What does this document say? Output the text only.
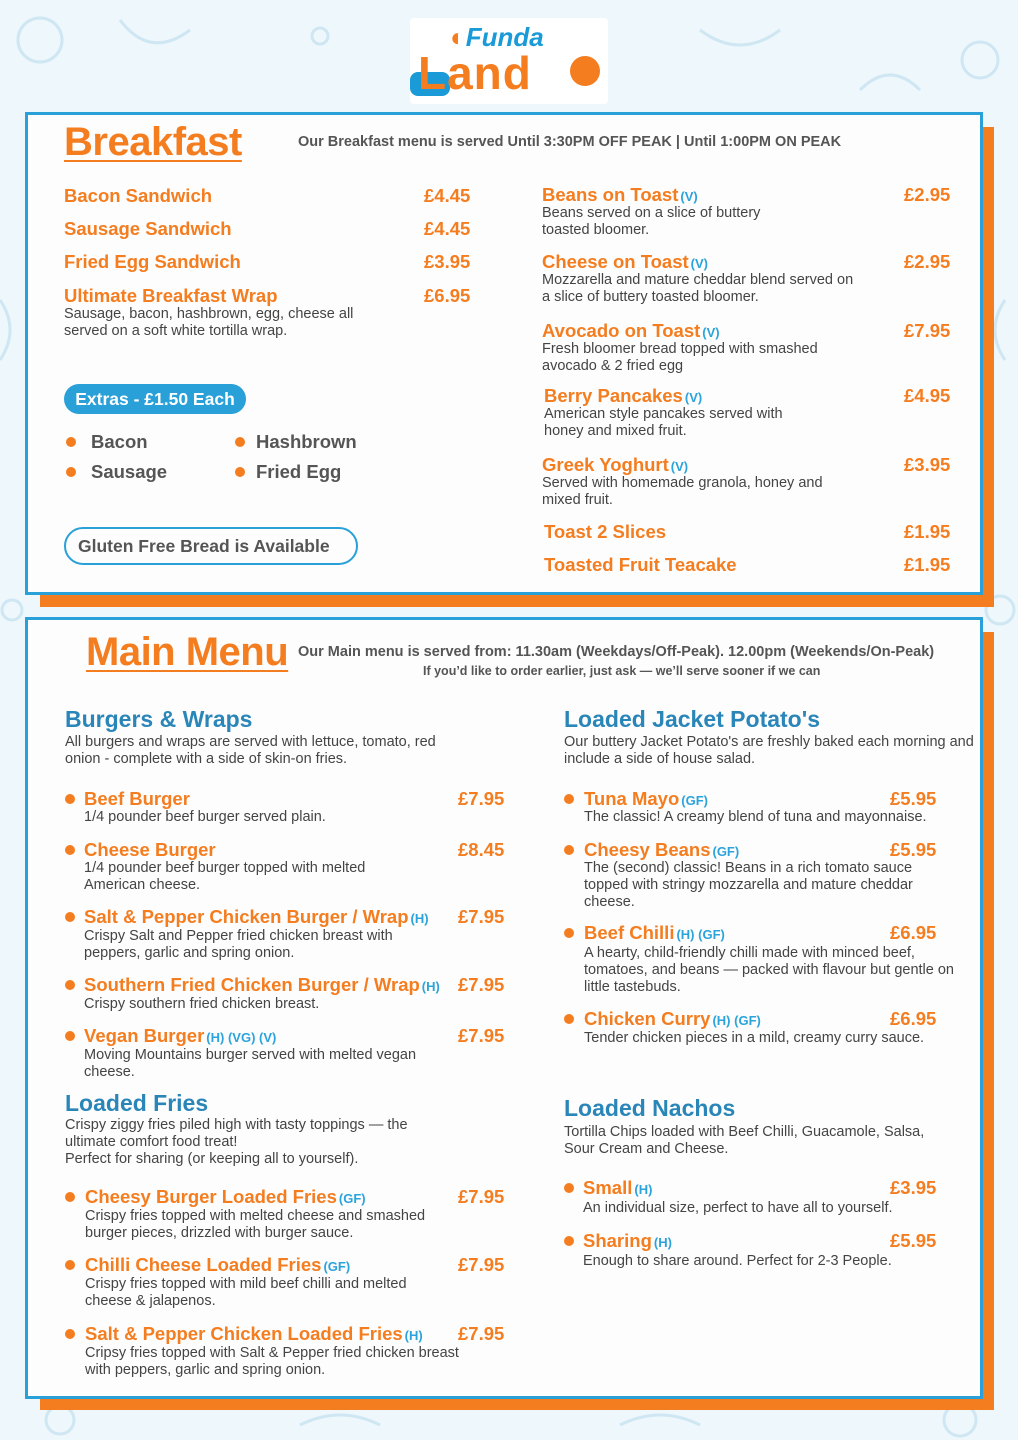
◐Funda
Land
Breakfast	Our Breakfast menu is served Until 3:30PM OFF PEAK | Until 1:00PM ON PEAK
Bacon Sandwich	£4.45
Sausage Sandwich	£4.45
Fried Egg Sandwich	£3.95
Ultimate Breakfast Wrap	£6.95
Sausage, bacon, hashbrown, egg, cheese all served on a soft white tortilla wrap.
Extras - £1.50 Each
Bacon	Hashbrown
Sausage	Fried Egg
Gluten Free Bread is Available
Beans on Toast (V)	£2.95
Beans served on a slice of buttery toasted bloomer.
Cheese on Toast (V)	£2.95
Mozzarella and mature cheddar blend served on a slice of buttery toasted bloomer.
Avocado on Toast (V)	£7.95
Fresh bloomer bread topped with smashed avocado & 2 fried egg
Berry Pancakes (V)	£4.95
American style pancakes served with honey and mixed fruit.
Greek Yoghurt (V)	£3.95
Served with homemade granola, honey and mixed fruit.
Toast 2 Slices	£1.95
Toasted Fruit Teacake	£1.95
Main Menu Our Main menu is served from: 11.30am (Weekdays/Off-Peak). 12.00pm (Weekends/On-Peak)
If you’d like to order earlier, just ask — we’ll serve sooner if we can
Burgers & Wraps
All burgers and wraps are served with lettuce, tomato, red onion - complete with a side of skin-on fries.
Beef Burger	£7.95
1/4 pounder beef burger served plain.
Cheese Burger	£8.45
1/4 pounder beef burger topped with melted American cheese.
Salt & Pepper Chicken Burger / Wrap (H) £7.95
Crispy Salt and Pepper fried chicken breast with peppers, garlic and spring onion.
Southern Fried Chicken Burger / Wrap (H) £7.95
Crispy southern fried chicken breast.
Vegan Burger (H) (VG) (V)	£7.95
Moving Mountains burger served with melted vegan cheese.
Loaded Fries
Crispy ziggy fries piled high with tasty toppings — the ultimate comfort food treat!
Perfect for sharing (or keeping all to yourself).
Cheesy Burger Loaded Fries (GF)	£7.95
Crispy fries topped with melted cheese and smashed burger pieces, drizzled with burger sauce.
Chilli Cheese Loaded Fries (GF)	£7.95
Crispy fries topped with mild beef chilli and melted cheese & jalapenos.
Salt & Pepper Chicken Loaded Fries (H) £7.95
Cripsy fries topped with Salt & Pepper fried chicken breast with peppers, garlic and spring onion.
Loaded Jacket Potato's
Our buttery Jacket Potato's are freshly baked each morning and include a side of house salad.
Tuna Mayo (GF)	£5.95
The classic! A creamy blend of tuna and mayonnaise.
Cheesy Beans (GF)	£5.95
The (second) classic! Beans in a rich tomato sauce topped with stringy mozzarella and mature cheddar cheese.
Beef Chilli (H) (GF)	£6.95
A hearty, child-friendly chilli made with minced beef, tomatoes, and beans — packed with flavour but gentle on little tastebuds.
Chicken Curry (H) (GF)	£6.95
Tender chicken pieces in a mild, creamy curry sauce.
Loaded Nachos
Tortilla Chips loaded with Beef Chilli, Guacamole, Salsa, Sour Cream and Cheese.
Small (H)	£3.95
An individual size, perfect to have all to yourself.
Sharing (H)	£5.95
Enough to share around. Perfect for 2-3 People.
